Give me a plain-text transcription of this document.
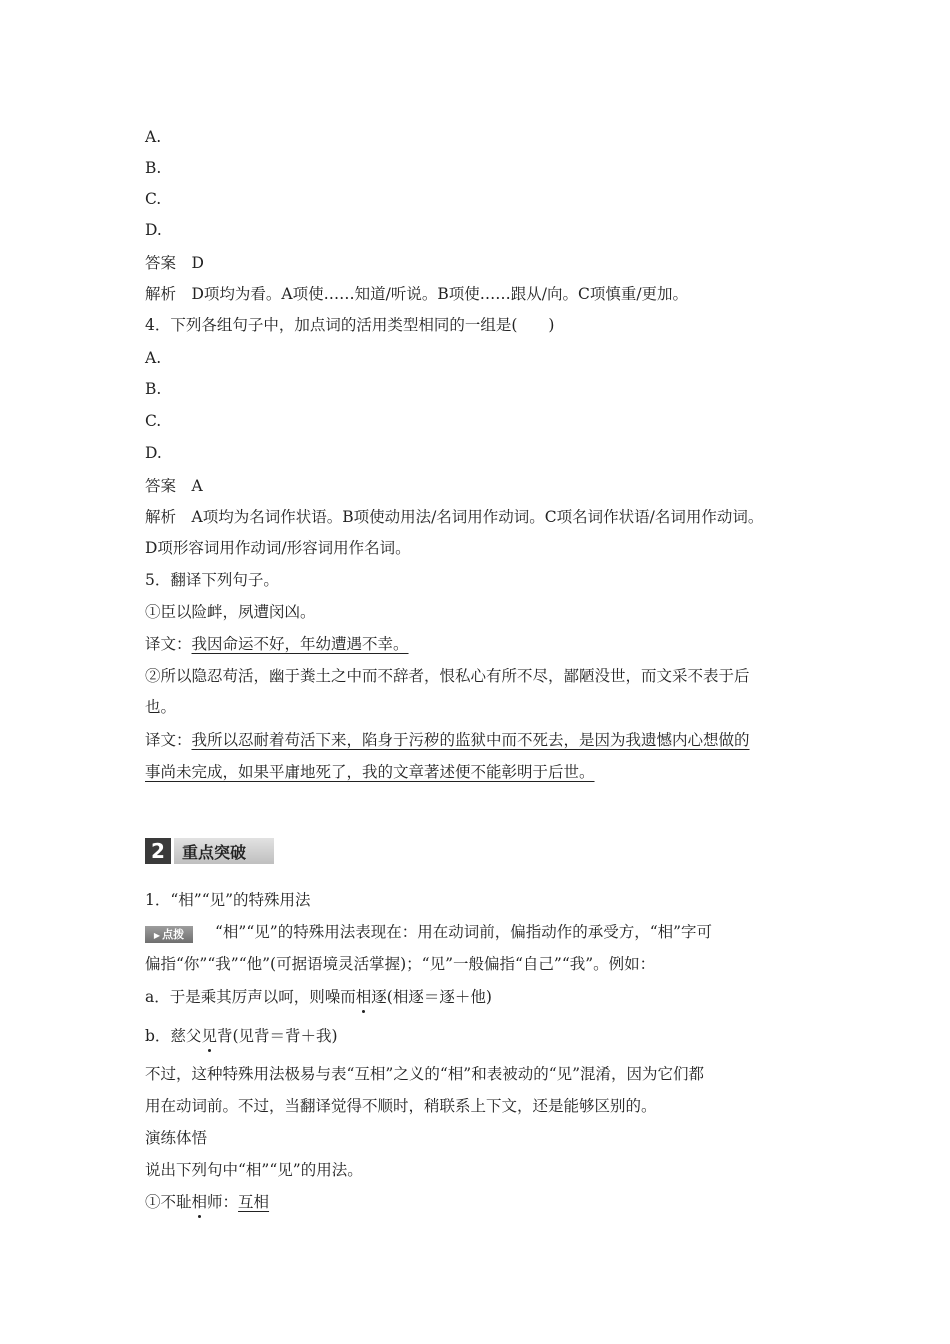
A.
B.
C.
D.
答案　D
解析　D项均为看。A项使……知道/听说。B项使……跟从/向。C项慎重/更加。
4．下列各组句子中，加点词的活用类型相同的一组是(　　)
A.
B.
C.
D.
答案　A
解析　A项均为名词作状语。B项使动用法/名词用作动词。C项名词作状语/名词用作动词。
D项形容词用作动词/形容词用作名词。
5．翻译下列句子。
①臣以险衅，夙遭闵凶。
译文：我因命运不好，年幼遭遇不幸。
②所以隐忍苟活，幽于粪土之中而不辞者，恨私心有所不尽，鄙陋没世，而文采不表于后
也。
译文：我所以忍耐着苟活下来，陷身于污秽的监狱中而不死去，是因为我遗憾内心想做的
事尚未完成，如果平庸地死了，我的文章著述便不能彰明于后世。
2	重点突破
1．“相”“见”的特殊用法
▶ 点拨 “相”“见”的特殊用法表现在：用在动词前，偏指动作的承受方，“相”字可
偏指“你”“我”“他”(可据语境灵活掌握)；“见”一般偏指“自己”“我”。例如：
a．于是乘其厉声以呵，则噪而相逐(相逐＝逐＋他)
b．慈父见背(见背＝背＋我)
不过，这种特殊用法极易与表“互相”之义的“相”和表被动的“见”混淆，因为它们都
用在动词前。不过，当翻译觉得不顺时，稍联系上下文，还是能够区别的。
演练体悟
说出下列句中“相”“见”的用法。
①不耻相师：互相
